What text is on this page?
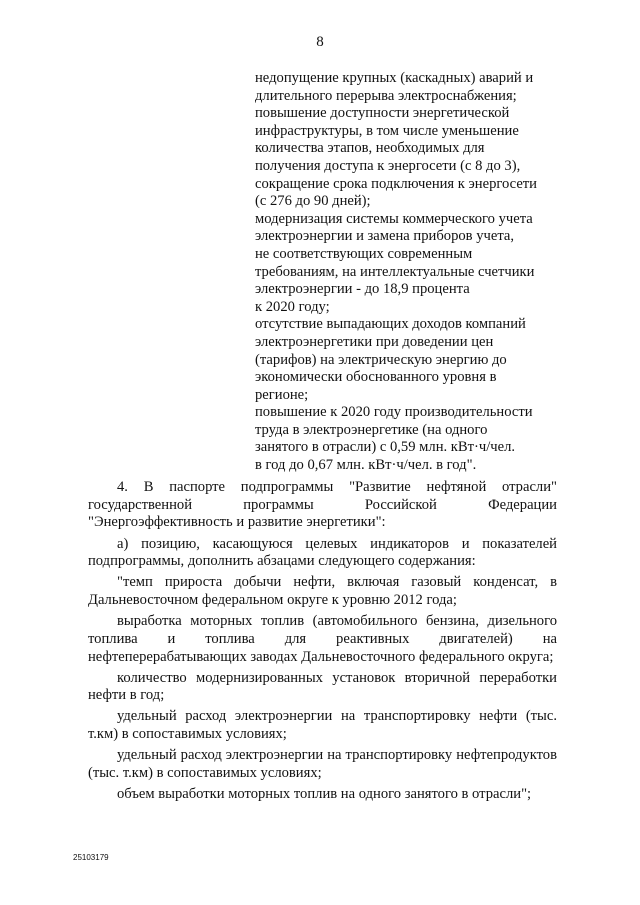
8
недопущение крупных (каскадных) аварий и
длительного перерыва электроснабжения;
повышение доступности энергетической
инфраструктуры, в том числе уменьшение
количества этапов, необходимых для
получения доступа к энергосети (с 8 до 3),
сокращение срока подключения к энергосети
(с 276 до 90 дней);
модернизация системы коммерческого учета
электроэнергии и замена приборов учета,
не соответствующих современным
требованиям, на интеллектуальные счетчики
электроэнергии - до 18,9 процента
к 2020 году;
отсутствие выпадающих доходов компаний
электроэнергетики при доведении цен
(тарифов) на электрическую энергию до
экономически обоснованного уровня в
регионе;
повышение к 2020 году производительности
труда в электроэнергетике (на одного
занятого в отрасли) с 0,59 млн. кВт·ч/чел.
в год до 0,67 млн. кВт·ч/чел. в год".

4. В паспорте подпрограммы "Развитие нефтяной отрасли" государственной программы Российской Федерации "Энергоэффективность и развитие энергетики":

а) позицию, касающуюся целевых индикаторов и показателей подпрограммы, дополнить абзацами следующего содержания:

"темп прироста добычи нефти, включая газовый конденсат, в Дальневосточном федеральном округе к уровню 2012 года;

выработка моторных топлив (автомобильного бензина, дизельного топлива и топлива для реактивных двигателей) на нефтеперерабатывающих заводах Дальневосточного федерального округа;

количество модернизированных установок вторичной переработки нефти в год;

удельный расход электроэнергии на транспортировку нефти (тыс. т.км) в сопоставимых условиях;

удельный расход электроэнергии на транспортировку нефтепродуктов (тыс. т.км) в сопоставимых условиях;

объем выработки моторных топлив на одного занятого в отрасли";

25103179
